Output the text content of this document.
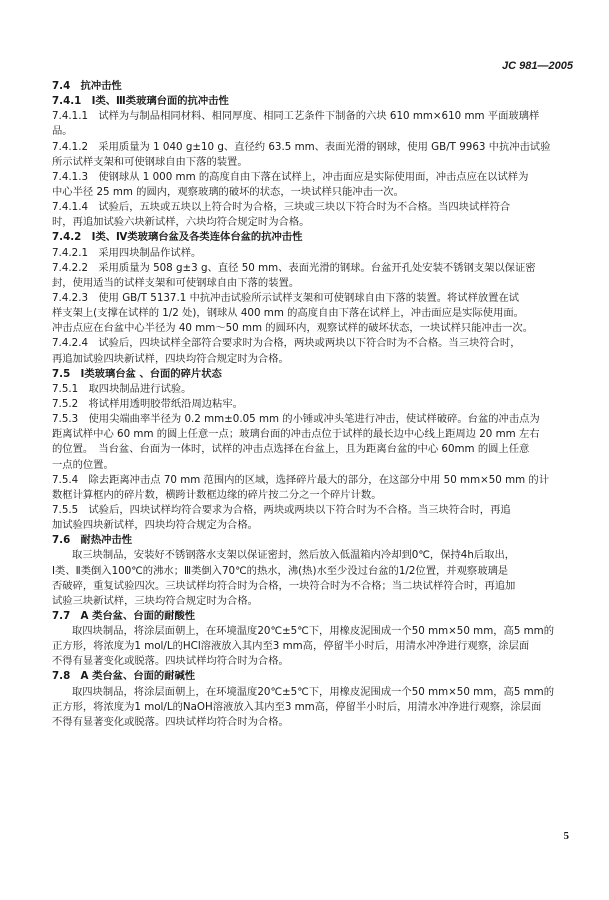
JC 981—2005
7.4　抗冲击性
7.4.1　Ⅰ类、Ⅲ类玻璃台面的抗冲击性
7.4.1.1　试样为与制品相同材料、相同厚度、相同工艺条件下制备的六块 610 mm×610 mm 平面玻璃样
品。
7.4.1.2　采用质量为 1 040 g±10 g、直径约 63.5 mm、表面光滑的钢球，使用 GB/T 9963 中抗冲击试验
所示试样支架和可使钢球自由下落的装置。
7.4.1.3　使钢球从 1 000 mm 的高度自由下落在试样上，冲击面应是实际使用面，冲击点应在以试样为
中心半径 25 mm 的圆内，观察玻璃的破坏的状态，一块试样只能冲击一次。
7.4.1.4　试验后，五块或五块以上符合时为合格，三块或三块以下符合时为不合格。当四块试样符合
时，再追加试验六块新试样，六块均符合规定时为合格。
7.4.2　Ⅰ类、Ⅳ类玻璃台盆及各类连体台盆的抗冲击性
7.4.2.1　采用四块制品作试样。
7.4.2.2　采用质量为 508 g±3 g、直径 50 mm、表面光滑的钢球。台盆开孔处安装不锈钢支架以保证密
封，使用适当的试样支架和可使钢球自由下落的装置。
7.4.2.3　使用 GB/T 5137.1 中抗冲击试验所示试样支架和可使钢球自由下落的装置。将试样放置在试
样支架上(支撑在试样的 1/2 处)，钢球从 400 mm 的高度自由下落在试样上，冲击面应是实际使用面。
冲击点应在台盆中心半径为 40 mm～50 mm 的圆环内，观察试样的破坏状态，一块试样只能冲击一次。
7.4.2.4　试验后，四块试样全部符合要求时为合格，两块或两块以下符合时为不合格。当三块符合时，
再追加试验四块新试样，四块均符合规定时为合格。
7.5　Ⅰ类玻璃台盆 、台面的碎片状态
7.5.1　取四块制品进行试验。
7.5.2　将试样用透明胶带纸沿周边粘牢。
7.5.3　使用尖端曲率半径为 0.2 mm±0.05 mm 的小锤或冲头笔进行冲击，使试样破碎。台盆的冲击点为
距离试样中心 60 mm 的圆上任意一点；玻璃台面的冲击点位于试样的最长边中心线上距周边 20 mm 左右
的位置。　当台盆、台面为一体时，试样的冲击点选择在台盆上，且为距离台盆的中心 60mm 的圆上任意
一点的位置。
7.5.4　除去距离冲击点 70 mm 范围内的区域，选择碎片最大的部分，在这部分中用 50 mm×50 mm 的计
数框计算框内的碎片数，横跨计数框边缘的碎片按二分之一个碎片计数。
7.5.5　试验后，四块试样均符合要求为合格，两块或两块以下符合时为不合格。当三块符合时，再追
加试验四块新试样，四块均符合规定为合格。
7.6　耐热冲击性
取三块制品，安装好不锈钢落水支架以保证密封，然后放入低温箱内冷却到0℃，保持4h后取出，
Ⅰ类、Ⅱ类倒入100℃的沸水；Ⅲ类倒入70℃的热水，沸(热)水至少没过台盆的1/2位置，并观察玻璃是
否破碎，重复试验四次。三块试样均符合时为合格，一块符合时为不合格；当二块试样符合时，再追加
试验三块新试样，三块均符合规定时为合格。
7.7　A 类台盆、台面的耐酸性
取四块制品，将涂层面朝上，在环境温度20℃±5℃下，用橡皮泥围成一个50 mm×50 mm，高5 mm的
正方形，将浓度为1 mol/L的HCl溶液放入其内至3 mm高，停留半小时后，用清水冲净进行观察，涂层面
不得有显著变化或脱落。四块试样均符合时为合格。
7.8　A 类台盆、台面的耐碱性
取四块制品，将涂层面朝上，在环境温度20℃±5℃下，用橡皮泥围成一个50 mm×50 mm，高5 mm的
正方形，将浓度为1 mol/L的NaOH溶液放入其内至3 mm高，停留半小时后，用清水冲净进行观察，涂层面
不得有显著变化或脱落。四块试样均符合时为合格。
5
